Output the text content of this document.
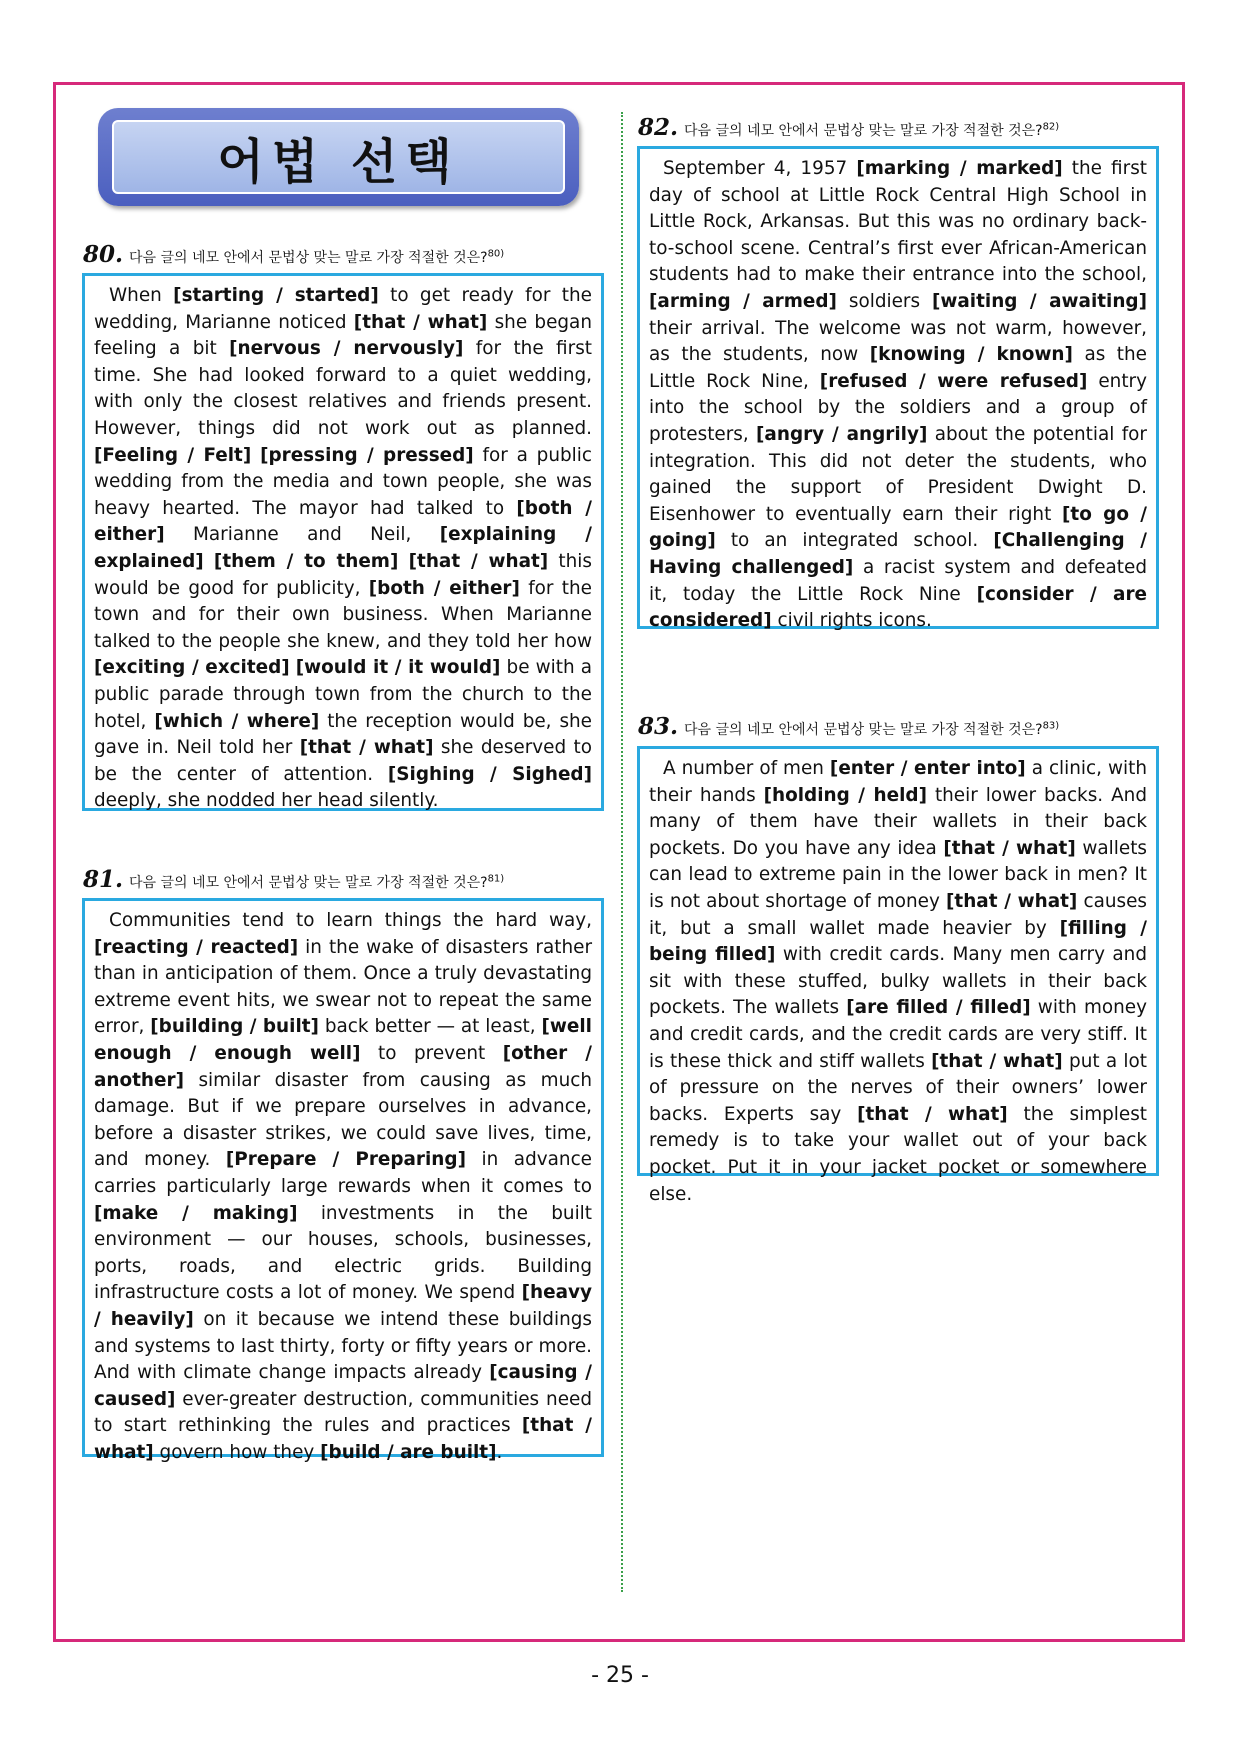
어법 선택
80. 다음 글의 네모 안에서 문법상 맞는 말로 가장 적절한 것은?$^{80)}$
When [starting / started] to get ready for the wedding, Marianne noticed [that / what] she began feeling a bit [nervous / nervously] for the first time. She had looked forward to a quiet wedding, with only the closest relatives and friends present. However, things did not work out as planned. [Feeling / Felt] [pressing / pressed] for a public wedding from the media and town people, she was heavy hearted. The mayor had talked to [both / either] Marianne and Neil, [explaining / explained] [them / to them] [that / what] this would be good for publicity, [both / either] for the town and for their own business. When Marianne talked to the people she knew, and they told her how [exciting / excited] [would it / it would] be with a public parade through town from the church to the hotel, [which / where] the reception would be, she gave in. Neil told her [that / what] she deserved to be the center of attention. [Sighing / Sighed] deeply, she nodded her head silently.
81. 다음 글의 네모 안에서 문법상 맞는 말로 가장 적절한 것은?$^{81)}$
Communities tend to learn things the hard way, [reacting / reacted] in the wake of disasters rather than in anticipation of them. Once a truly devastating extreme event hits, we swear not to repeat the same error, [building / built] back better — at least, [well enough / enough well] to prevent [other / another] similar disaster from causing as much damage. But if we prepare ourselves in advance, before a disaster strikes, we could save lives, time, and money. [Prepare / Preparing] in advance carries particularly large rewards when it comes to [make / making] investments in the built environment — our houses, schools, businesses, ports, roads, and electric grids. Building infrastructure costs a lot of money. We spend [heavy / heavily] on it because we intend these buildings and systems to last thirty, forty or fifty years or more. And with climate change impacts already [causing / caused] ever-greater destruction, communities need to start rethinking the rules and practices [that / what] govern how they [build / are built].
82. 다음 글의 네모 안에서 문법상 맞는 말로 가장 적절한 것은?$^{82)}$
September 4, 1957 [marking / marked] the first day of school at Little Rock Central High School in Little Rock, Arkansas. But this was no ordinary back-to-school scene. Central’s first ever African-American students had to make their entrance into the school, [arming / armed] soldiers [waiting / awaiting] their arrival. The welcome was not warm, however, as the students, now [knowing / known] as the Little Rock Nine, [refused / were refused] entry into the school by the soldiers and a group of protesters, [angry / angrily] about the potential for integration. This did not deter the students, who gained the support of President Dwight D. Eisenhower to eventually earn their right [to go / going] to an integrated school. [Challenging / Having challenged] a racist system and defeated it, today the Little Rock Nine [consider / are considered] civil rights icons.
83. 다음 글의 네모 안에서 문법상 맞는 말로 가장 적절한 것은?$^{83)}$
A number of men [enter / enter into] a clinic, with their hands [holding / held] their lower backs. And many of them have their wallets in their back pockets. Do you have any idea [that / what] wallets can lead to extreme pain in the lower back in men? It is not about shortage of money [that / what] causes it, but a small wallet made heavier by [filling / being filled] with credit cards. Many men carry and sit with these stuffed, bulky wallets in their back pockets. The wallets [are filled / filled] with money and credit cards, and the credit cards are very stiff. It is these thick and stiff wallets [that / what] put a lot of pressure on the nerves of their owners’ lower backs. Experts say [that / what] the simplest remedy is to take your wallet out of your back pocket. Put it in your jacket pocket or somewhere else.
- 25 -
